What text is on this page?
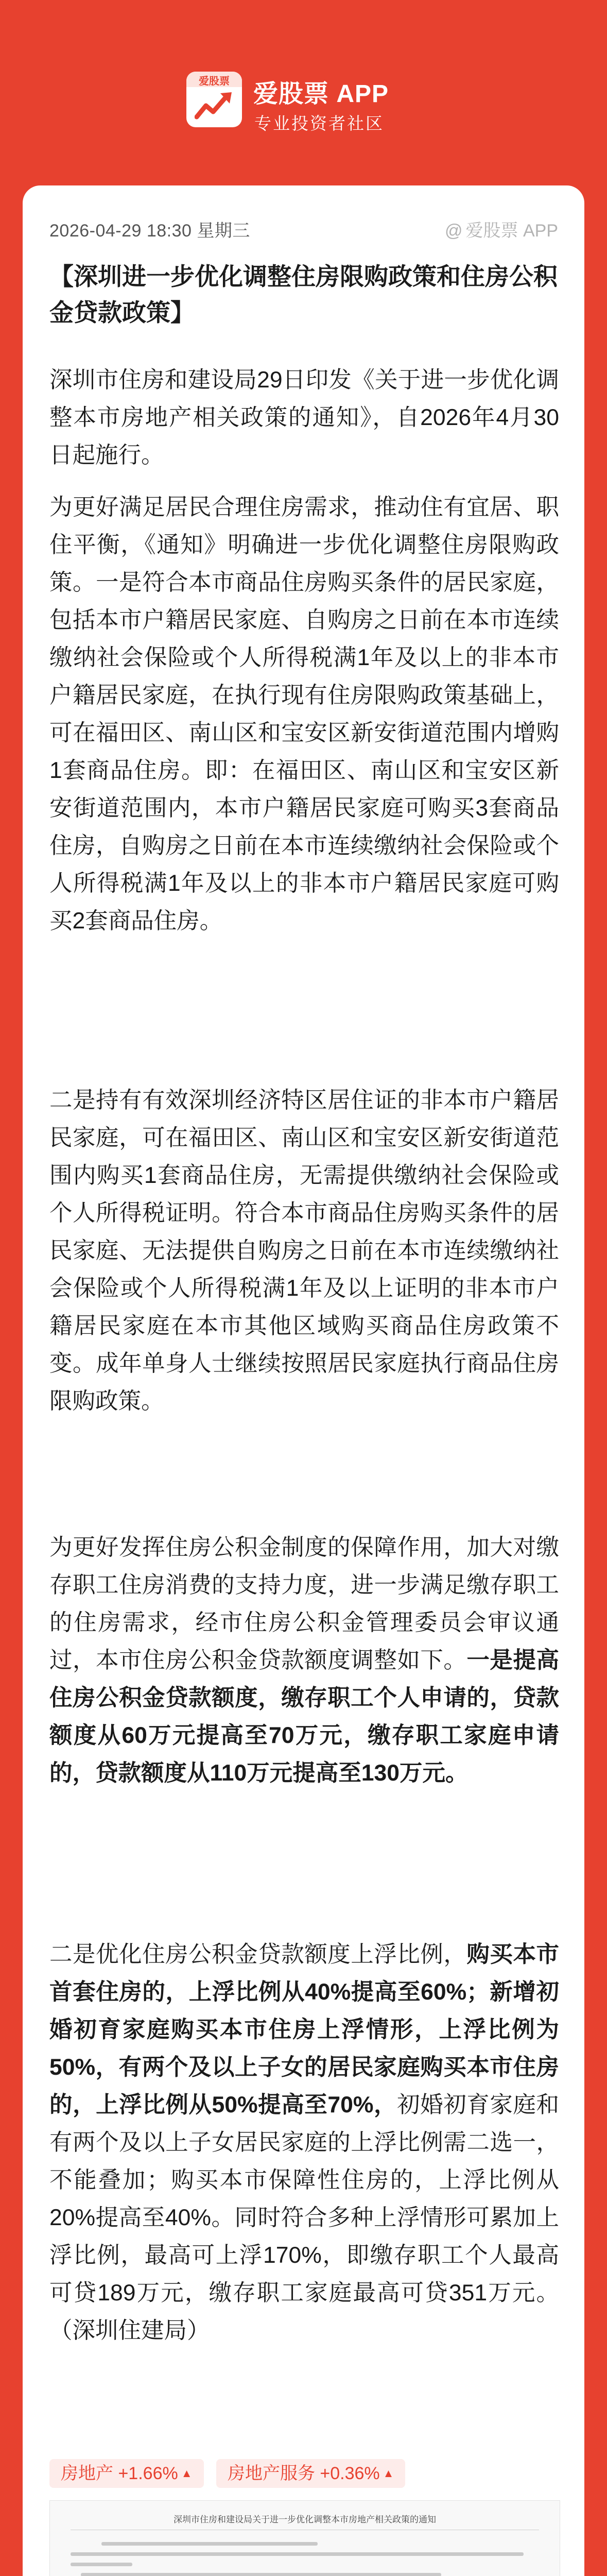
爱股票 爱股票 APP
专业投资者社区
2026-04-29 18:30 星期三	@ 爱股票 APP
【深圳进一步优化调整住房限购政策和住房公积金贷款政策】
深圳市住房和建设局29日印发《关于进一步优化调整本市房地产相关政策的通知》，自2026年4月30日起施行。
为更好满足居民合理住房需求，推动住有宜居、职住平衡，《通知》明确进一步优化调整住房限购政策。一是符合本市商品住房购买条件的居民家庭，包括本市户籍居民家庭、自购房之日前在本市连续缴纳社会保险或个人所得税满1年及以上的非本市户籍居民家庭，在执行现有住房限购政策基础上，可在福田区、南山区和宝安区新安街道范围内增购1套商品住房。即：在福田区、南山区和宝安区新安街道范围内，本市户籍居民家庭可购买3套商品住房，自购房之日前在本市连续缴纳社会保险或个人所得税满1年及以上的非本市户籍居民家庭可购买2套商品住房。
二是持有有效深圳经济特区居住证的非本市户籍居民家庭，可在福田区、南山区和宝安区新安街道范围内购买1套商品住房，无需提供缴纳社会保险或个人所得税证明。符合本市商品住房购买条件的居民家庭、无法提供自购房之日前在本市连续缴纳社会保险或个人所得税满1年及以上证明的非本市户籍居民家庭在本市其他区域购买商品住房政策不变。成年单身人士继续按照居民家庭执行商品住房限购政策。
为更好发挥住房公积金制度的保障作用，加大对缴存职工住房消费的支持力度，进一步满足缴存职工的住房需求，经市住房公积金管理委员会审议通过，本市住房公积金贷款额度调整如下。一是提高住房公积金贷款额度，缴存职工个人申请的，贷款额度从60万元提高至70万元，缴存职工家庭申请的，贷款额度从110万元提高至130万元。
二是优化住房公积金贷款额度上浮比例，购买本市首套住房的，上浮比例从40%提高至60%；新增初婚初育家庭购买本市住房上浮情形，上浮比例为50%，有两个及以上子女的居民家庭购买本市住房的，上浮比例从50%提高至70%，初婚初育家庭和有两个及以上子女居民家庭的上浮比例需二选一，不能叠加；购买本市保障性住房的，上浮比例从20%提高至40%。同时符合多种上浮情形可累加上浮比例，最高可上浮170%，即缴存职工个人最高可贷189万元，缴存职工家庭最高可贷351万元。（深圳住建局）
房地产 +1.66% ▲ 房地产服务 +0.36% ▲
深圳市住房和建设局关于进一步优化调整本市房地产相关政策的通知
